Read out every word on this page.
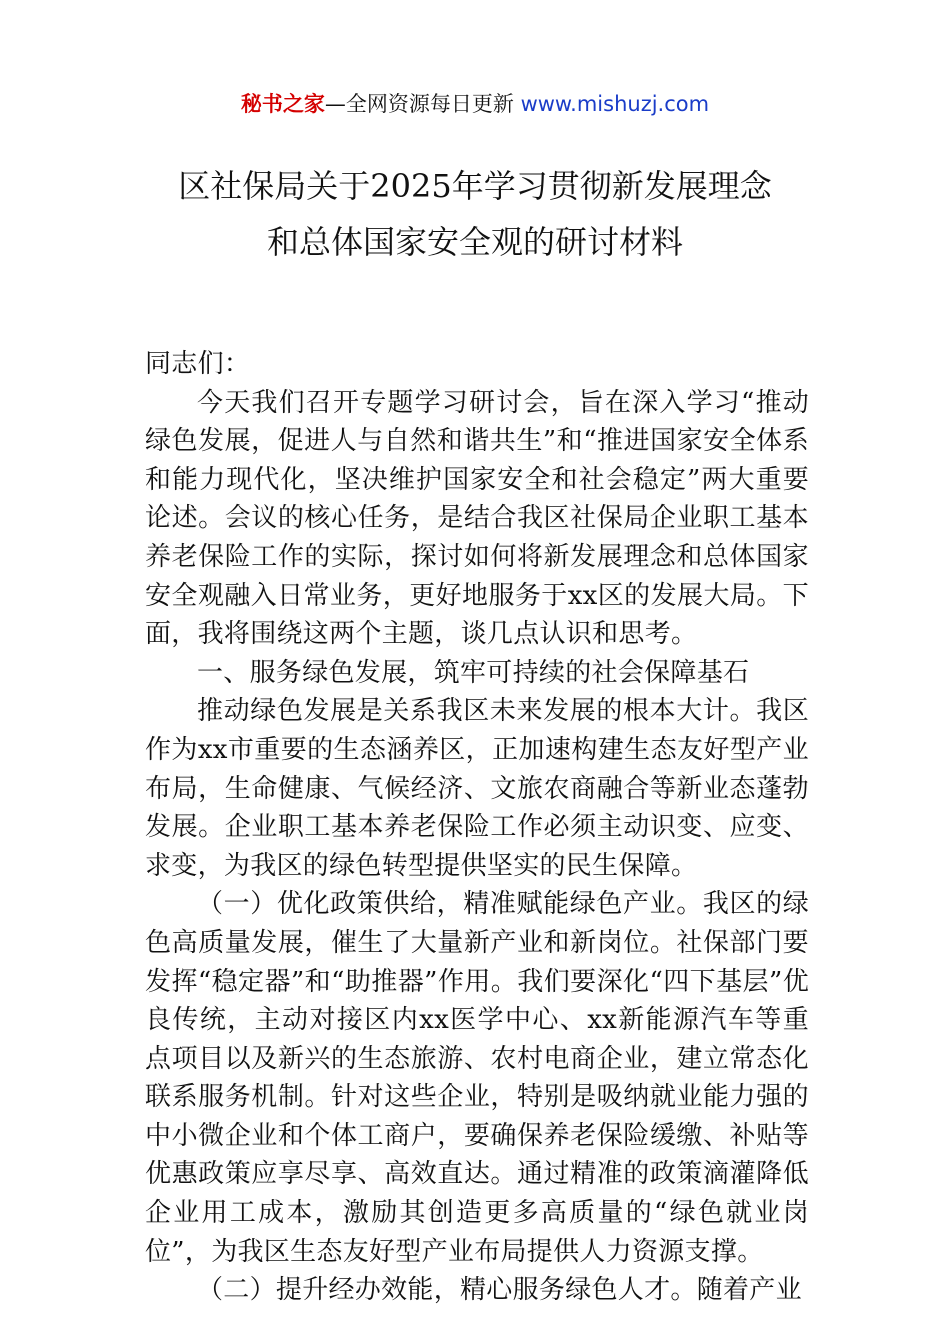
秘书之家—全网资源每日更新 www.mishuzj.com
区社保局关于2025年学习贯彻新发展理念
和总体国家安全观的研讨材料

同志们：

今天我们召开专题学习研讨会，旨在深入学习“推动绿色发展，促进人与自然和谐共生”和“推进国家安全体系和能力现代化，坚决维护国家安全和社会稳定”两大重要论述。会议的核心任务，是结合我区社保局企业职工基本养老保险工作的实际，探讨如何将新发展理念和总体国家安全观融入日常业务，更好地服务于xx区的发展大局。下面，我将围绕这两个主题，谈几点认识和思考。

一、服务绿色发展，筑牢可持续的社会保障基石

推动绿色发展是关系我区未来发展的根本大计。我区作为xx市重要的生态涵养区，正加速构建生态友好型产业布局，生命健康、气候经济、文旅农商融合等新业态蓬勃发展。企业职工基本养老保险工作必须主动识变、应变、求变，为我区的绿色转型提供坚实的民生保障。

（一）优化政策供给，精准赋能绿色产业。我区的绿色高质量发展，催生了大量新产业和新岗位。社保部门要发挥“稳定器”和“助推器”作用。我们要深化“四下基层”优良传统，主动对接区内xx医学中心、xx新能源汽车等重点项目以及新兴的生态旅游、农村电商企业，建立常态化联系服务机制。针对这些企业，特别是吸纳就业能力强的中小微企业和个体工商户，要确保养老保险缓缴、补贴等优惠政策应享尽享、高效直达。通过精准的政策滴灌降低企业用工成本，激励其创造更多高质量的“绿色就业岗位”，为我区生态友好型产业布局提供人力资源支撑。

（二）提升经办效能，精心服务绿色人才。随着产业
